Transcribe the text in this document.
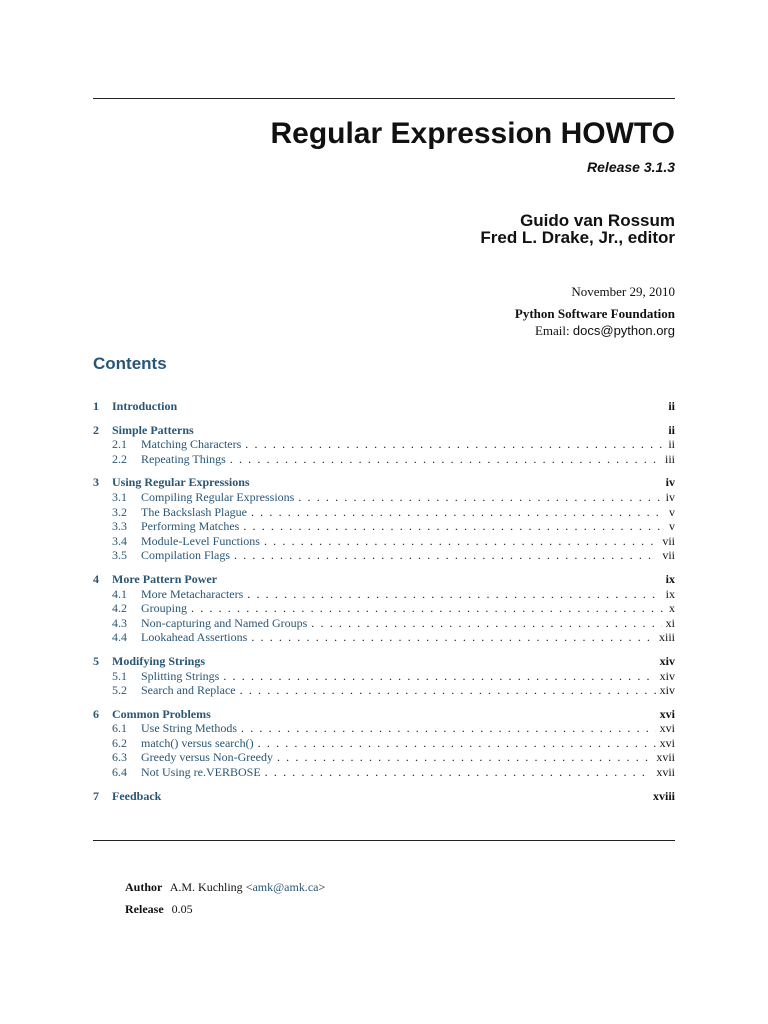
Regular Expression HOWTO
Release 3.1.3
Guido van Rossum
Fred L. Drake, Jr., editor
November 29, 2010
Python Software Foundation
Email: docs@python.org
Contents
1	Introduction	ii
2	Simple Patterns	ii
2.1	Matching Characters . . .	ii
2.2	Repeating Things . . .	iii
3	Using Regular Expressions	iv
3.1	Compiling Regular Expressions . . .	iv
3.2	The Backslash Plague . . .	v
3.3	Performing Matches . . .	v
3.4	Module-Level Functions . . .	vii
3.5	Compilation Flags . . .	vii
4	More Pattern Power	ix
4.1	More Metacharacters . . .	ix
4.2	Grouping . . .	x
4.3	Non-capturing and Named Groups . . .	xi
4.4	Lookahead Assertions . . .	xiii
5	Modifying Strings	xiv
5.1	Splitting Strings . . .	xiv
5.2	Search and Replace . . .	xiv
6	Common Problems	xvi
6.1	Use String Methods . . .	xvi
6.2	match() versus search() . . .	xvi
6.3	Greedy versus Non-Greedy . . .	xvii
6.4	Not Using re.VERBOSE . . .	xvii
7	Feedback	xviii
Author A.M. Kuchling <amk@amk.ca>
Release 0.05
